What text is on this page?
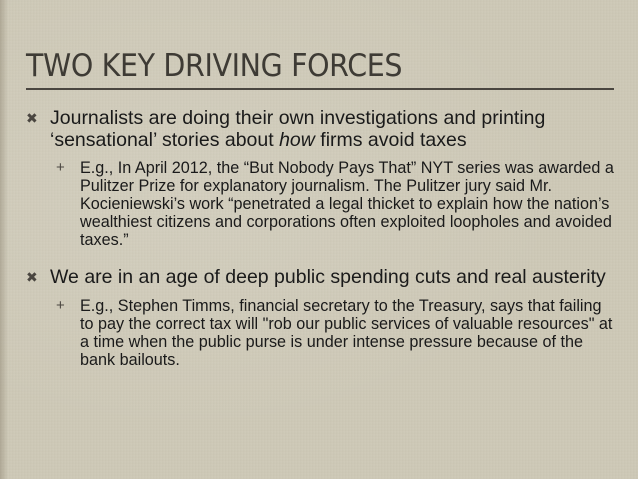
TWO KEY DRIVING FORCES
✖ Journalists are doing their own investigations and printing ‘sensational’ stories about how firms avoid taxes
+ E.g., In April 2012, the “But Nobody Pays That” NYT series was awarded a Pulitzer Prize for explanatory journalism. The Pulitzer jury said Mr. Kocieniewski’s work “penetrated a legal thicket to explain how the nation’s wealthiest citizens and corporations often exploited loopholes and avoided taxes.”
✖ We are in an age of deep public spending cuts and real austerity
+ E.g., Stephen Timms, financial secretary to the Treasury, says that failing to pay the correct tax will "rob our public services of valuable resources" at a time when the public purse is under intense pressure because of the bank bailouts.
